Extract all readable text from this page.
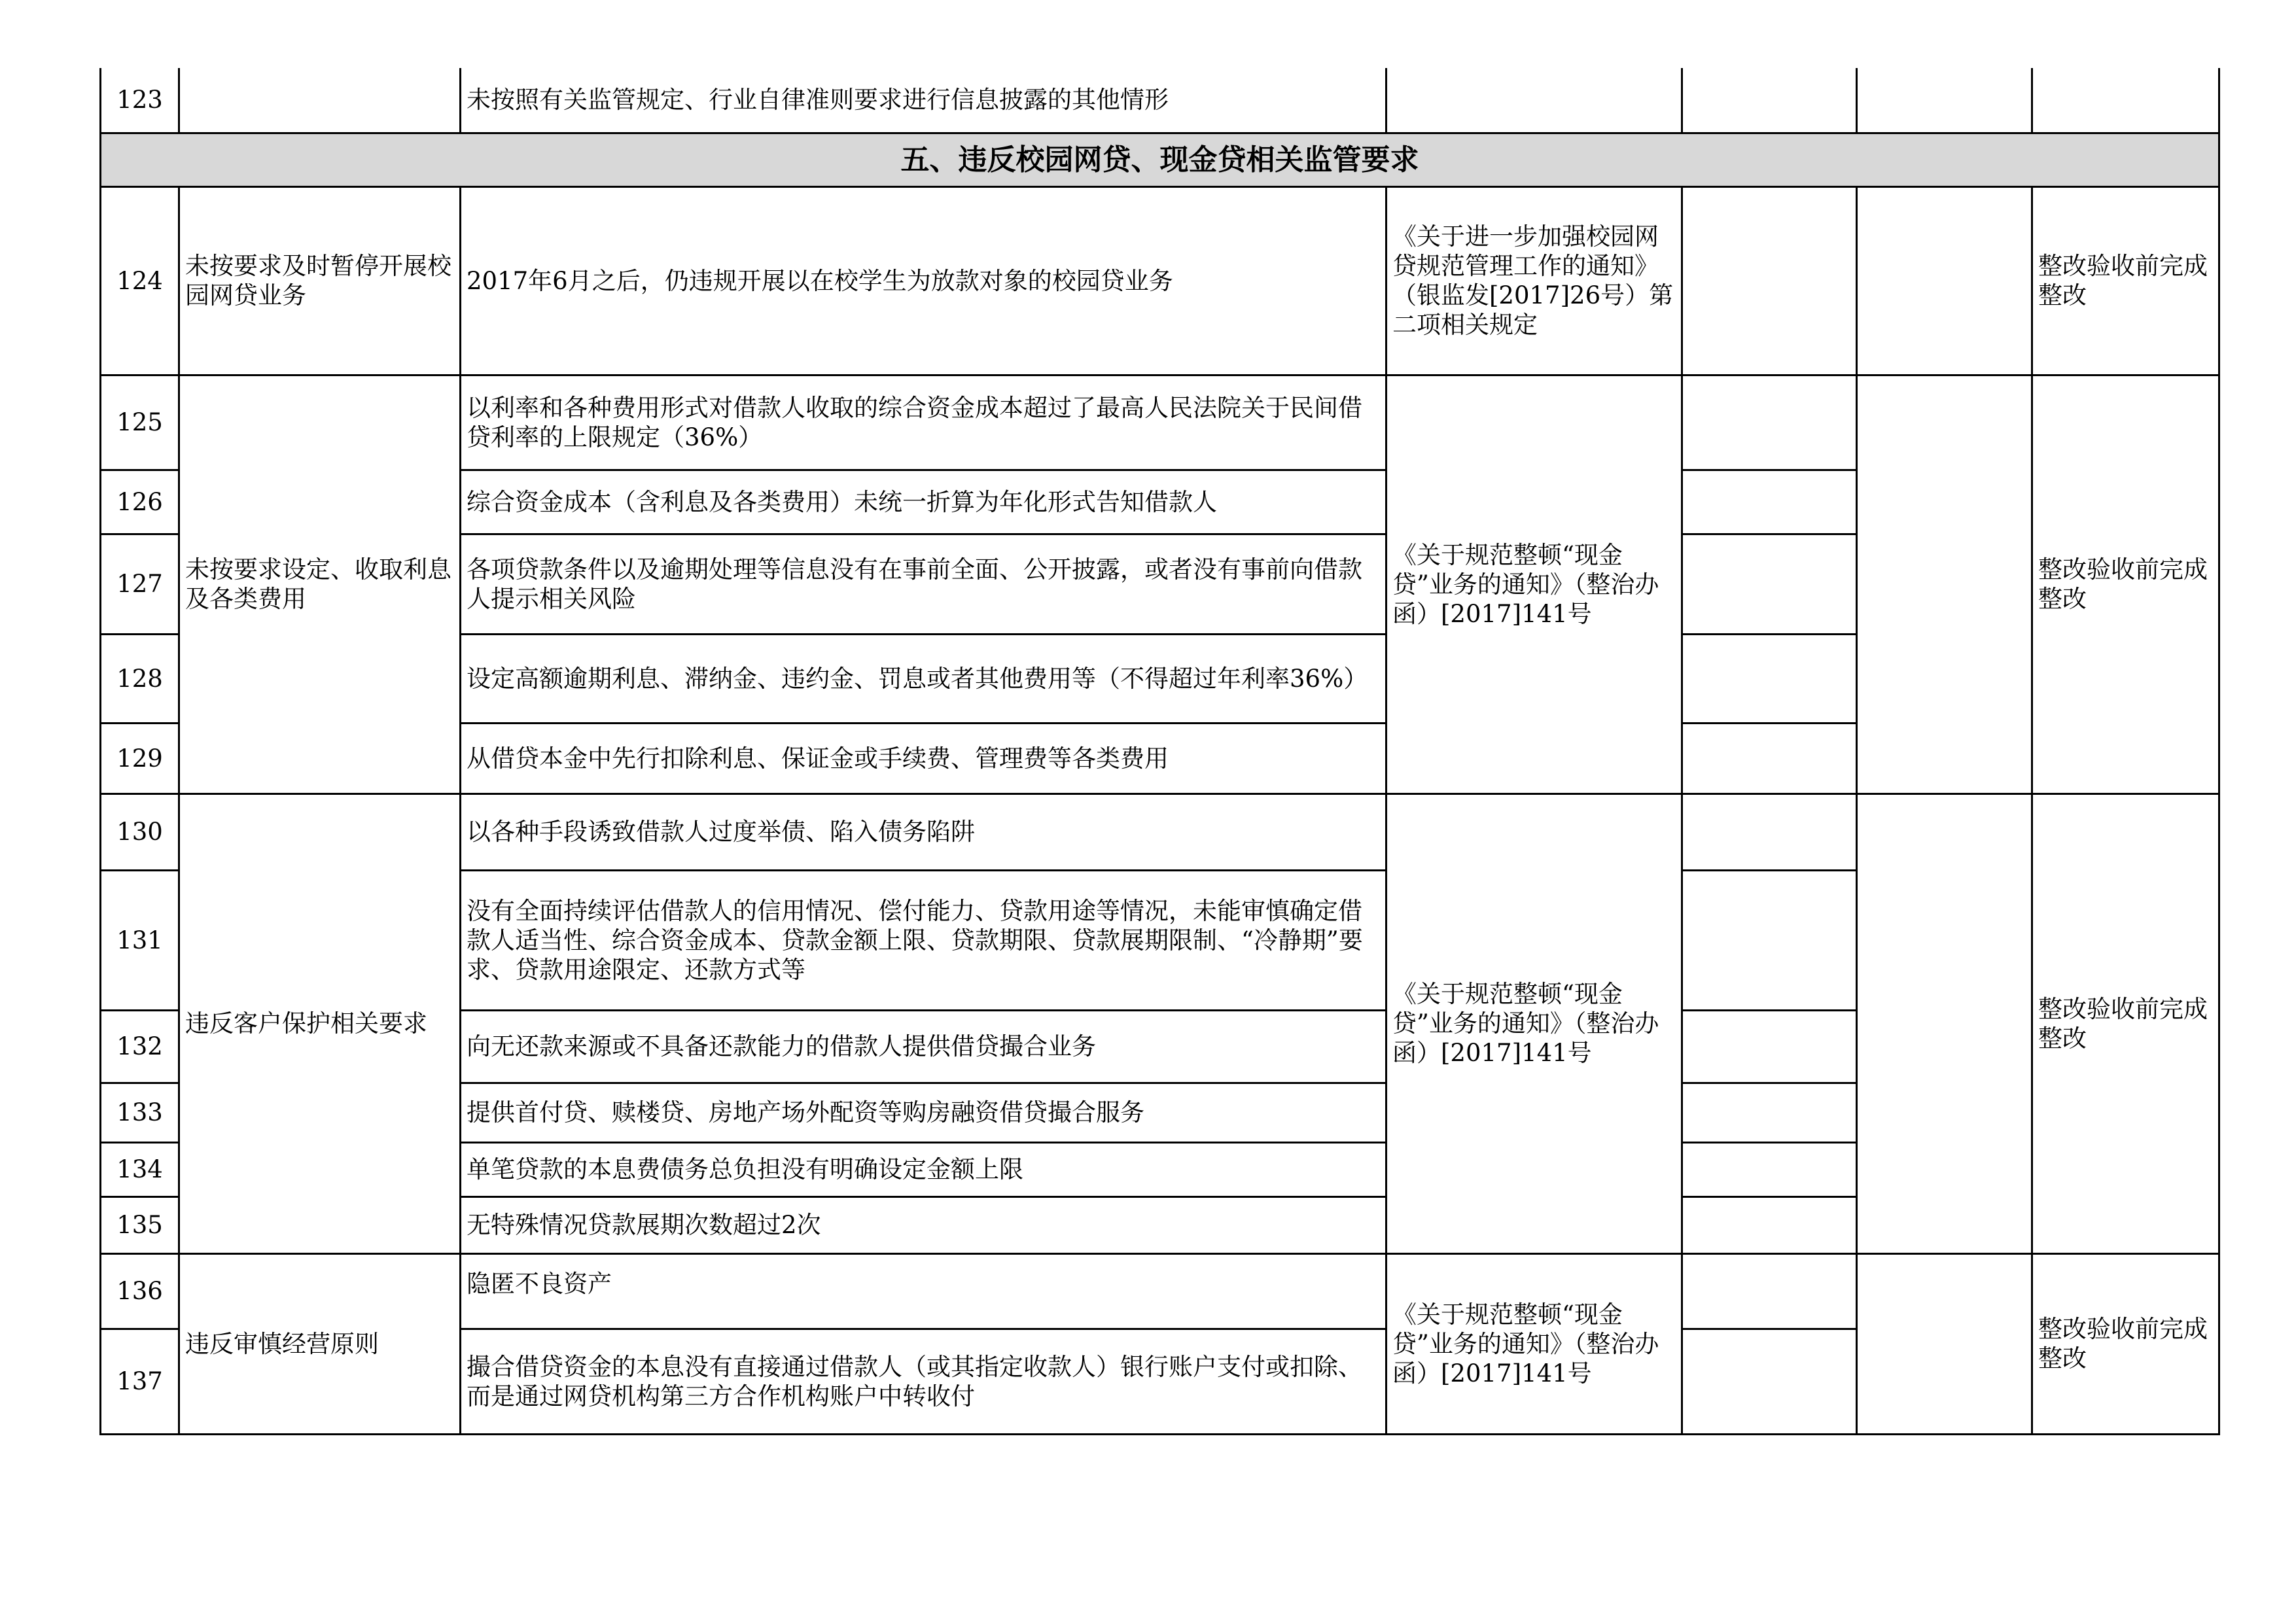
123		未按照有关监管规定、行业自律准则要求进行信息披露的其他情形				
五、违反校园网贷、现金贷相关监管要求						
124	未按要求及时暂停开展校园网贷业务	2017年6月之后，仍违规开展以在校学生为放款对象的校园贷业务	《关于进一步加强校园网贷规范管理工作的通知》（银监发[2017]26号）第二项相关规定			整改验收前完成整改
125	未按要求设定、收取利息及各类费用	以利率和各种费用形式对借款人收取的综合资金成本超过了最高人民法院关于民间借贷利率的上限规定（36%）	《关于规范整顿“现金贷”业务的通知》（整治办函）[2017]141号			整改验收前完成整改
126		综合资金成本（含利息及各类费用）未统一折算为年化形式告知借款人				
127		各项贷款条件以及逾期处理等信息没有在事前全面、公开披露，或者没有事前向借款人提示相关风险				
128		设定高额逾期利息、滞纳金、违约金、罚息或者其他费用等（不得超过年利率36%）				
129		从借贷本金中先行扣除利息、保证金或手续费、管理费等各类费用				
130	违反客户保护相关要求	以各种手段诱致借款人过度举债、陷入债务陷阱	《关于规范整顿“现金贷”业务的通知》（整治办函）[2017]141号			整改验收前完成整改
131		没有全面持续评估借款人的信用情况、偿付能力、贷款用途等情况，未能审慎确定借款人适当性、综合资金成本、贷款金额上限、贷款期限、贷款展期限制、“冷静期”要求、贷款用途限定、还款方式等				
132		向无还款来源或不具备还款能力的借款人提供借贷撮合业务				
133		提供首付贷、赎楼贷、房地产场外配资等购房融资借贷撮合服务				
134		单笔贷款的本息费债务总负担没有明确设定金额上限				
135		无特殊情况贷款展期次数超过2次				
136	违反审慎经营原则	隐匿不良资产	《关于规范整顿“现金贷”业务的通知》（整治办函）[2017]141号			整改验收前完成整改
137		撮合借贷资金的本息没有直接通过借款人（或其指定收款人）银行账户支付或扣除、而是通过网贷机构第三方合作机构账户中转收付				
